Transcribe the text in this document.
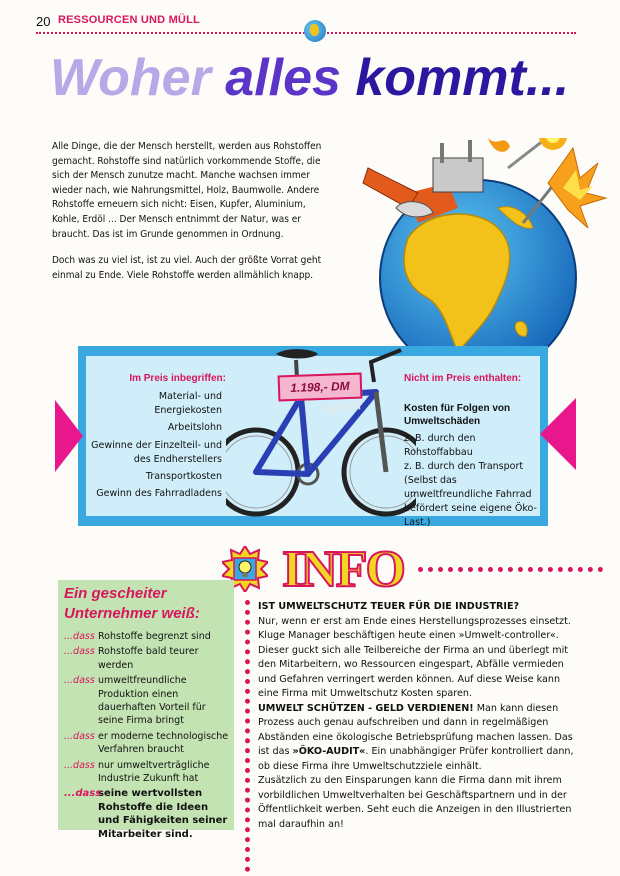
20 RESSOURCEN UND MÜLL
Woher alles kommt...

Alle Dinge, die der Mensch herstellt, werden aus Rohstoffen gemacht. Rohstoffe sind natürlich vorkommende Stoffe, die sich der Mensch zunutze macht. Manche wachsen immer wieder nach, wie Nahrungsmittel, Holz, Baumwolle. Andere Rohstoffe erneuern sich nicht: Eisen, Kupfer, Aluminium, Kohle, Erdöl ... Der Mensch entnimmt der Natur, was er braucht. Das ist im Grunde genommen in Ordnung.

Doch was zu viel ist, ist zu viel. Auch der größte Vorrat geht einmal zu Ende. Viele Rohstoffe werden allmählich knapp.

Im Preis inbegriffen:
Material- und Energiekosten
Arbeitslohn
Gewinne der Einzelteil- und des Endherstellers
Transportkosten
Gewinn des Fahrradladens
SCOTT
1.198,- DM
Nicht im Preis enthalten:
Kosten für Folgen von Umweltschäden
z. B. durch den Rohstoffabbau
z. B. durch den Transport
(Selbst das umweltfreundliche Fahrrad befördert seine eigene Öko-Last.)
INFO
Ein gescheiter Unternehmer weiß:
...dass Rohstoffe begrenzt sind
...dass Rohstoffe bald teurer werden
...dass umweltfreundliche Produktion einen dauerhaften Vorteil für seine Firma bringt
...dass er moderne technologische Verfahren braucht
...dass nur umweltverträgliche Industrie Zukunft hat
...dass
seine wertvollsten Rohstoffe die Ideen und Fähigkeiten seiner Mitarbeiter sind.
IST UMWELTSCHUTZ TEUER FÜR DIE INDUSTRIE?
Nur, wenn er erst am Ende eines Herstellungsprozesses einsetzt. Kluge Manager beschäftigen heute einen »Umwelt-controller«. Dieser guckt sich alle Teilbereiche der Firma an und überlegt mit den Mitarbeitern, wo Ressourcen eingespart, Abfälle vermieden und Gefahren verringert werden können. Auf diese Weise kann eine Firma mit Umweltschutz Kosten sparen.
UMWELT SCHÜTZEN - GELD VERDIENEN! Man kann diesen Prozess auch genau aufschreiben und dann in regelmäßigen Abständen eine ökologische Betriebsprüfung machen lassen. Das ist das »ÖKO-AUDIT«. Ein unabhängiger Prüfer kontrolliert dann, ob diese Firma ihre Umweltschutzziele einhält.
Zusätzlich zu den Einsparungen kann die Firma dann mit ihrem vorbildlichen Umweltverhalten bei Geschäftspartnern und in der Öffentlichkeit werben. Seht euch die Anzeigen in den Illustrierten mal daraufhin an!
